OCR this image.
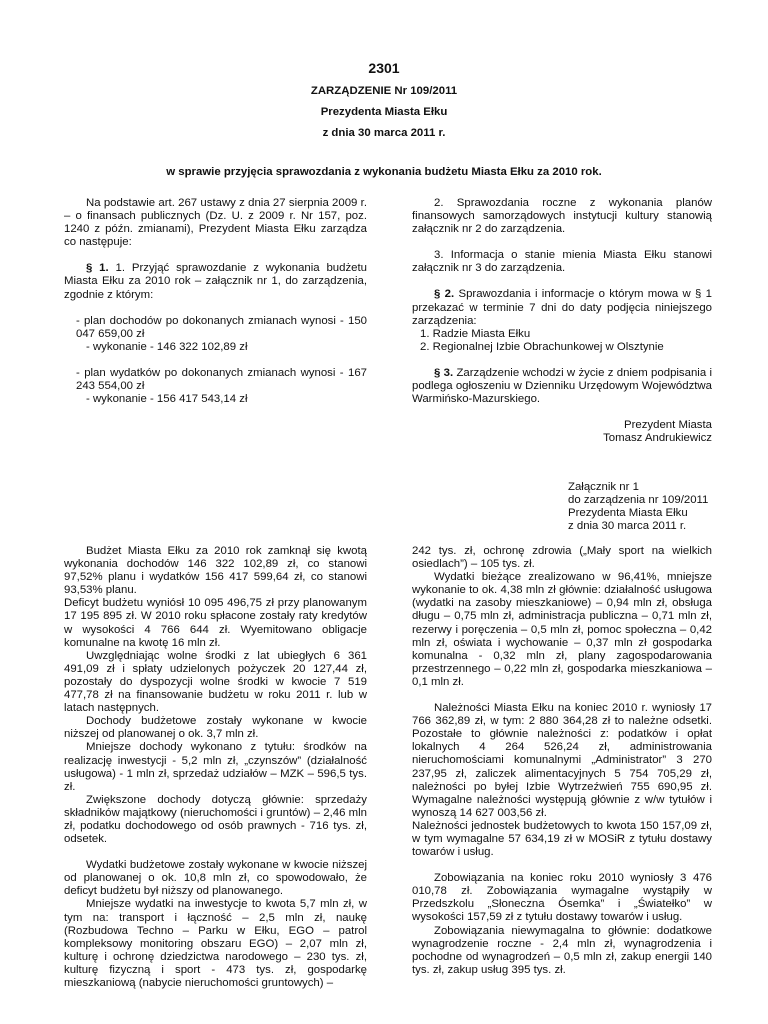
2301
ZARZĄDZENIE Nr 109/2011
Prezydenta Miasta Ełku
z dnia 30 marca 2011 r.
w sprawie przyjęcia sprawozdania z wykonania budżetu Miasta Ełku za 2010 rok.

Na podstawie art. 267 ustawy z dnia 27 sierpnia 2009 r. – o finansach publicznych (Dz. U. z 2009 r. Nr 157, poz. 1240 z późn. zmianami), Prezydent Miasta Ełku zarządza co następuje:

§ 1. 1. Przyjąć sprawozdanie z wykonania budżetu Miasta Ełku za 2010 rok – załącznik nr 1, do zarządzenia, zgodnie z którym:

- plan dochodów po dokonanych zmianach wynosi - 150 047 659,00 zł

- wykonanie - 146 322 102,89 zł

- plan wydatków po dokonanych zmianach wynosi - 167 243 554,00 zł

- wykonanie - 156 417 543,14 zł

2. Sprawozdania roczne z wykonania planów finansowych samorządowych instytucji kultury stanowią załącznik nr 2 do zarządzenia.

3. Informacja o stanie mienia Miasta Ełku stanowi załącznik nr 3 do zarządzenia.

§ 2. Sprawozdania i informacje o którym mowa w § 1 przekazać w terminie 7 dni do daty podjęcia niniejszego zarządzenia:

1. Radzie Miasta Ełku

2. Regionalnej Izbie Obrachunkowej w Olsztynie

§ 3. Zarządzenie wchodzi w życie z dniem podpisania i podlega ogłoszeniu w Dzienniku Urzędowym Województwa Warmińsko-Mazurskiego.

Prezydent Miasta

Tomasz Andrukiewicz

Załącznik nr 1
do zarządzenia nr 109/2011
Prezydenta Miasta Ełku
z dnia 30 marca 2011 r.

Budżet Miasta Ełku za 2010 rok zamknął się kwotą wykonania dochodów 146 322 102,89 zł, co stanowi 97,52% planu i wydatków 156 417 599,64 zł, co stanowi 93,53% planu.

Deficyt budżetu wyniósł 10 095 496,75 zł przy planowanym 17 195 895 zł. W 2010 roku spłacone zostały raty kredytów w wysokości 4 766 644 zł. Wyemitowano obligacje komunalne na kwotę 16 mln zł.

Uwzględniając wolne środki z lat ubiegłych 6 361 491,09 zł i spłaty udzielonych pożyczek 20 127,44 zł, pozostały do dyspozycji wolne środki w kwocie 7 519 477,78 zł na finansowanie budżetu w roku 2011 r. lub w latach następnych.

Dochody budżetowe zostały wykonane w kwocie niższej od planowanej o ok. 3,7 mln zł.

Mniejsze dochody wykonano z tytułu: środków na realizację inwestycji - 5,2 mln zł, „czynszów” (działalność usługowa) - 1 mln zł, sprzedaż udziałów – MZK – 596,5 tys. zł.

Zwiększone dochody dotyczą głównie: sprzedaży składników majątkowy (nieruchomości i gruntów) – 2,46 mln zł, podatku dochodowego od osób prawnych - 716 tys. zł, odsetek.

Wydatki budżetowe zostały wykonane w kwocie niższej od planowanej o ok. 10,8 mln zł, co spowodowało, że deficyt budżetu był niższy od planowanego.

Mniejsze wydatki na inwestycje to kwota 5,7 mln zł, w tym na: transport i łączność – 2,5 mln zł, naukę (Rozbudowa Techno – Parku w Ełku, EGO – patrol kompleksowy monitoring obszaru EGO) – 2,07 mln zł, kulturę i ochronę dziedzictwa narodowego – 230 tys. zł, kulturę fizyczną i sport - 473 tys. zł, gospodarkę mieszkaniową (nabycie nieruchomości gruntowych) –

242 tys. zł, ochronę zdrowia („Mały sport na wielkich osiedlach”) – 105 tys. zł.

Wydatki bieżące zrealizowano w 96,41%, mniejsze wykonanie to ok. 4,38 mln zł głównie: działalność usługowa (wydatki na zasoby mieszkaniowe) – 0,94 mln zł, obsługa długu – 0,75 mln zł, administracja publiczna – 0,71 mln zł, rezerwy i poręczenia – 0,5 mln zł, pomoc społeczna – 0,42 mln zł, oświata i wychowanie – 0,37 mln zł gospodarka komunalna - 0,32 mln zł, plany zagospodarowania przestrzennego – 0,22 mln zł, gospodarka mieszkaniowa – 0,1 mln zł.

Należności Miasta Ełku na koniec 2010 r. wyniosły 17 766 362,89 zł, w tym: 2 880 364,28 zł to należne odsetki. Pozostałe to głównie należności z: podatków i opłat lokalnych 4 264 526,24 zł, administrowania nieruchomościami komunalnymi „Administrator” 3 270 237,95 zł, zaliczek alimentacyjnych 5 754 705,29 zł, należności po byłej Izbie Wytrzeźwień 755 690,95 zł. Wymagalne należności występują głównie z w/w tytułów i wynoszą 14 627 003,56 zł.

Należności jednostek budżetowych to kwota 150 157,09 zł, w tym wymagalne 57 634,19 zł w MOSiR z tytułu dostawy towarów i usług.

Zobowiązania na koniec roku 2010 wyniosły 3 476 010,78 zł. Zobowiązania wymagalne wystąpiły w Przedszkolu „Słoneczna Ósemka” i „Światełko” w wysokości 157,59 zł z tytułu dostawy towarów i usług.

Zobowiązania niewymagalna to głównie: dodatkowe wynagrodzenie roczne - 2,4 mln zł, wynagrodzenia i pochodne od wynagrodzeń – 0,5 mln zł, zakup energii 140 tys. zł, zakup usług 395 tys. zł.
